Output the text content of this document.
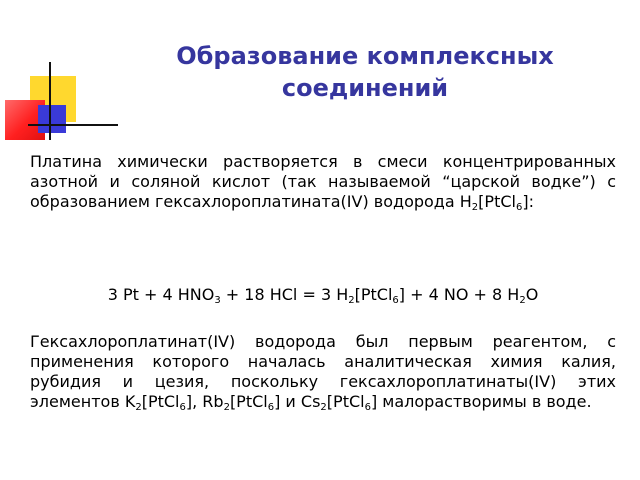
Образование комплексных соединений

Платина химически растворяется в смеси концентрированных азотной и соляной кислот (так называемой “царской водке”) с образованием гексахлороплатината(IV) водорода $H_2[PtCl_6]$:

3 Pt + 4 $HNO_3 + 18$ HCl = 3 $H_2[PtCl_6] + 4$ NO + 8 $H_2O$

Гексахлороплатинат(IV) водорода был первым реагентом, с применения которого началась аналитическая химия калия, рубидия и цезия, поскольку гексахлороплатинаты(IV) этих элементов $K_2[PtCl_6]$, $Rb_2[PtCl_6]$ и $Cs_2[PtCl_6]$ малорастворимы в воде.
